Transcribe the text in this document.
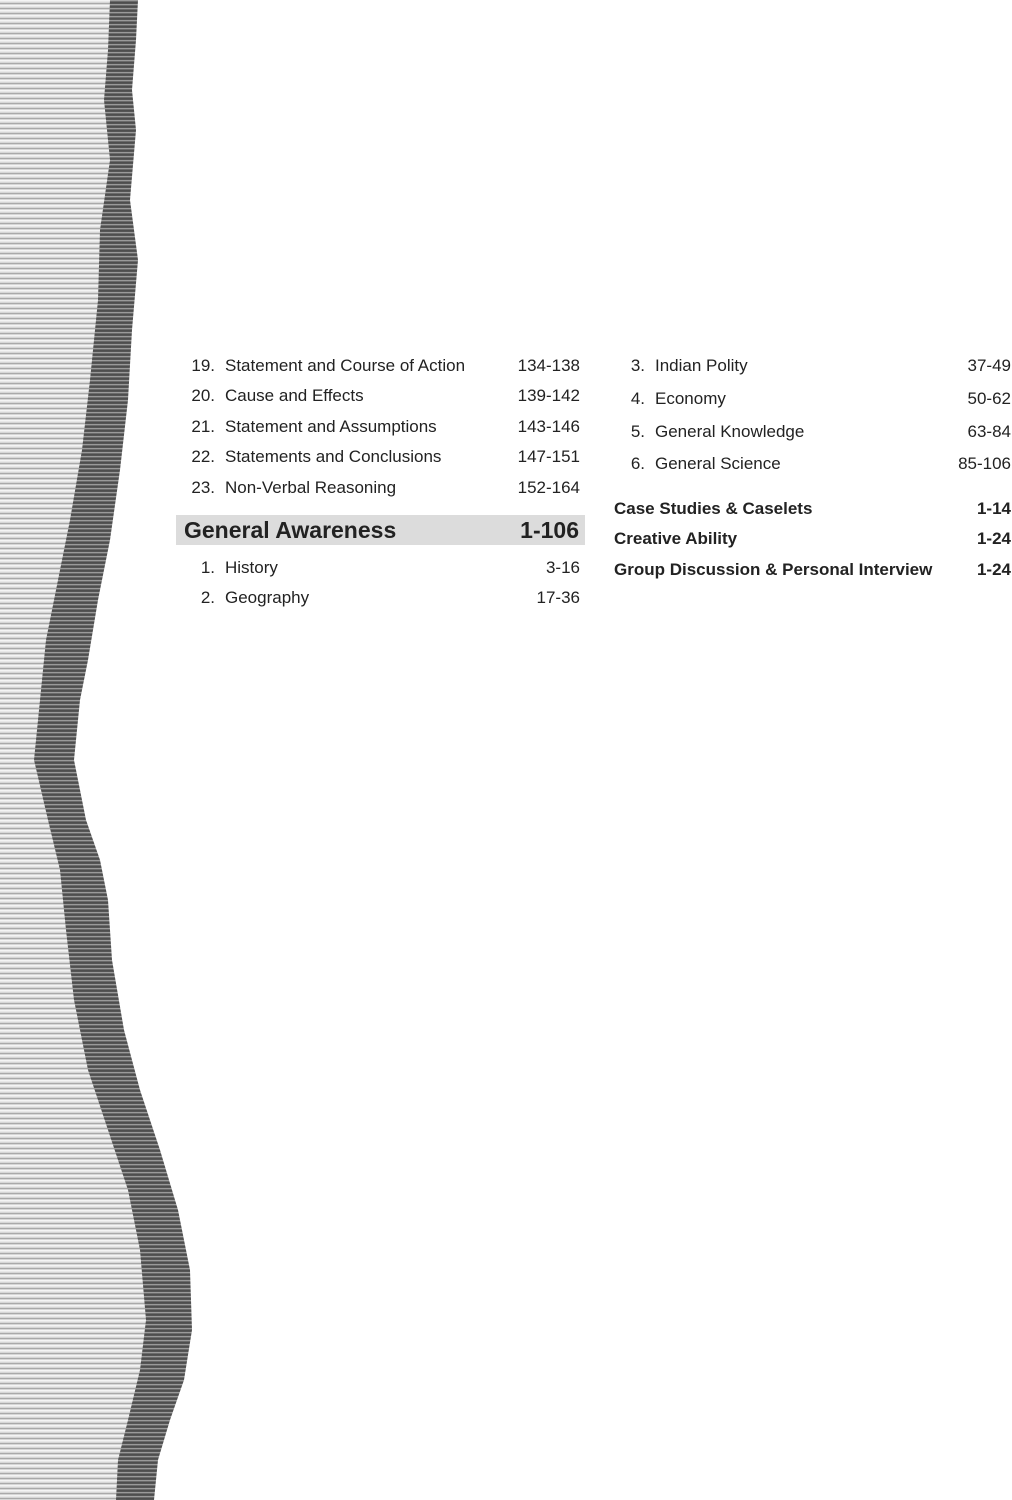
19. Statement and Course of Action	134-138
20. Cause and Effects	139-142
21. Statement and Assumptions	143-146
22. Statements and Conclusions	147-151
23. Non-Verbal Reasoning	152-164
General Awareness	1-106
1. History	3-16
2. Geography	17-36
3. Indian Polity	37-49
4. Economy	50-62
5. General Knowledge	63-84
6. General Science	85-106
Case Studies & Caselets	1-14
Creative Ability	1-24
Group Discussion & Personal Interview	1-24
